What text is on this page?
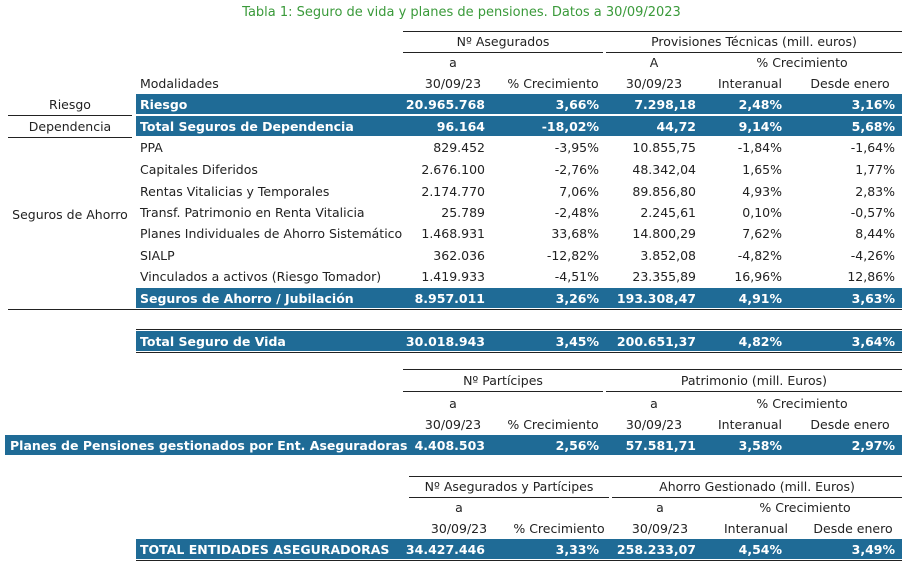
Tabla 1: Seguro de vida y planes de pensiones. Datos a 30/09/2023
Nº Asegurados	Provisiones Técnicas (mill. euros)
a	A	% Crecimiento
Modalidades	30/09/23	% Crecimiento	30/09/23	Interanual	Desde enero
Riesgo	Riesgo	20.965.768	3,66%	7.298,18	2,48%	3,16%
Dependencia	Total Seguros de Dependencia	96.164	-18,02%	44,72	9,14%	5,68%
Seguros de Ahorro
PPA	829.452	-3,95%	10.855,75	-1,84%	-1,64%
Capitales Diferidos	2.676.100	-2,76%	48.342,04	1,65%	1,77%
Rentas Vitalicias y Temporales	2.174.770	7,06%	89.856,80	4,93%	2,83%
Transf. Patrimonio en Renta Vitalicia	25.789	-2,48%	2.245,61	0,10%	-0,57%
Planes Individuales de Ahorro Sistemático	1.468.931	33,68%	14.800,29	7,62%	8,44%
SIALP	362.036	-12,82%	3.852,08	-4,82%	-4,26%
Vinculados a activos (Riesgo Tomador)	1.419.933	-4,51%	23.355,89	16,96%	12,86%
Seguros de Ahorro / Jubilación	8.957.011	3,26%	193.308,47	4,91%	3,63%
Total Seguro de Vida	30.018.943	3,45%	200.651,37	4,82%	3,64%
Nº Partícipes	Patrimonio (mill. Euros)
a	a	% Crecimiento
30/09/23	% Crecimiento	30/09/23	Interanual	Desde enero
Planes de Pensiones gestionados por Ent. Aseguradoras 4.408.503	2,56%	57.581,71	3,58%	2,97%
Nº Asegurados y Partícipes	Ahorro Gestionado (mill. Euros)
a	a	% Crecimiento
30/09/23	% Crecimiento	30/09/23	Interanual	Desde enero
TOTAL ENTIDADES ASEGURADORAS 34.427.446	3,33%	258.233,07	4,54%	3,49%
